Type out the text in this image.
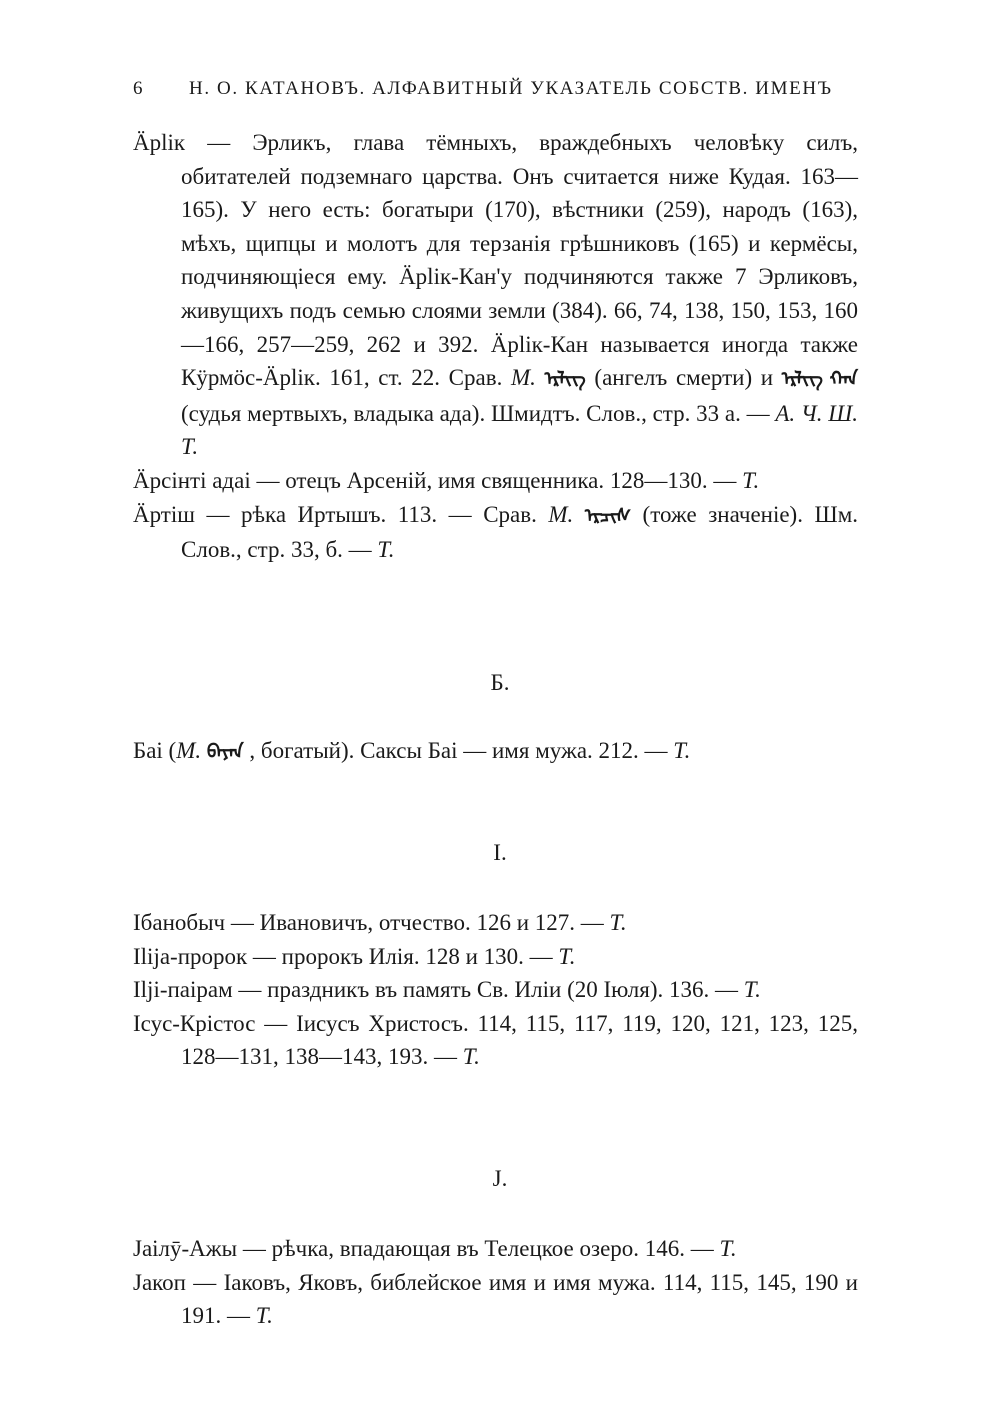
6 Н. О. КАТАНОВЪ. АЛФАВИТНЫЙ УКАЗАТЕЛЬ СОБСТВ. ИМЕНЪ

Äрlік — Эрликъ, глава тёмныхъ, враждебныхъ человѣку силъ, обитателей подземнаго царства. Онъ считается ниже Кудая. 163—165). У него есть: богатыри (170), вѣстники (259), народъ (163), мѣхъ, щипцы и молотъ для терзанія грѣшниковъ (165) и кермёсы, подчиняющіеся ему. Äрlік-Кан'у подчиняются также 7 Эрликовъ, живущихъ подъ семью слоями земли (384). 66, 74, 138, 150, 153, 160—166, 257—259, 262 и 392. Äрlік-Кан называется иногда также Кÿрмöс-Äрlік. 161, ст. 22. Срав. М. ᠡᠷᠯᠢᠭ (ангелъ смерти) и ᠡᠷᠯᠢᠭ ᠬᠠᠨ (судья мертвыхъ, владыка ада). Шмидтъ. Слов., стр. 33 а. — А. Ч. Ш. Т.

Äрсінті адаі — отецъ Арсеній, имя священника. 128—130. — Т.

Äртіш — рѣка Иртышъ. 113. — Срав. М. ᠡᠷᠴᠢᠰ (тоже значеніе). Шм. Слов., стр. 33, б. — Т.

Б.

Баі (М. ᠪᠠᠶᠠᠨ , богатый). Саксы Баі — имя мужа. 212. — Т.

I.

Ібанобыч — Ивановичъ, отчество. 126 и 127. — Т.

Ilija-пророк — пророкъ Илія. 128 и 130. — Т.

Ilji-паірам — праздникъ въ память Св. Иліи (20 Іюля). 136. — Т.

Ісус-Крістос — Іисусъ Христосъ. 114, 115, 117, 119, 120, 121, 123, 125, 128—131, 138—143, 193. — Т.

J.

Jаілӯ-Ажы — рѣчка, впадающая въ Телецкое озеро. 146. — Т.

Jакоп — Іаковъ, Яковъ, библейское имя и имя мужа. 114, 115, 145, 190 и 191. — Т.
